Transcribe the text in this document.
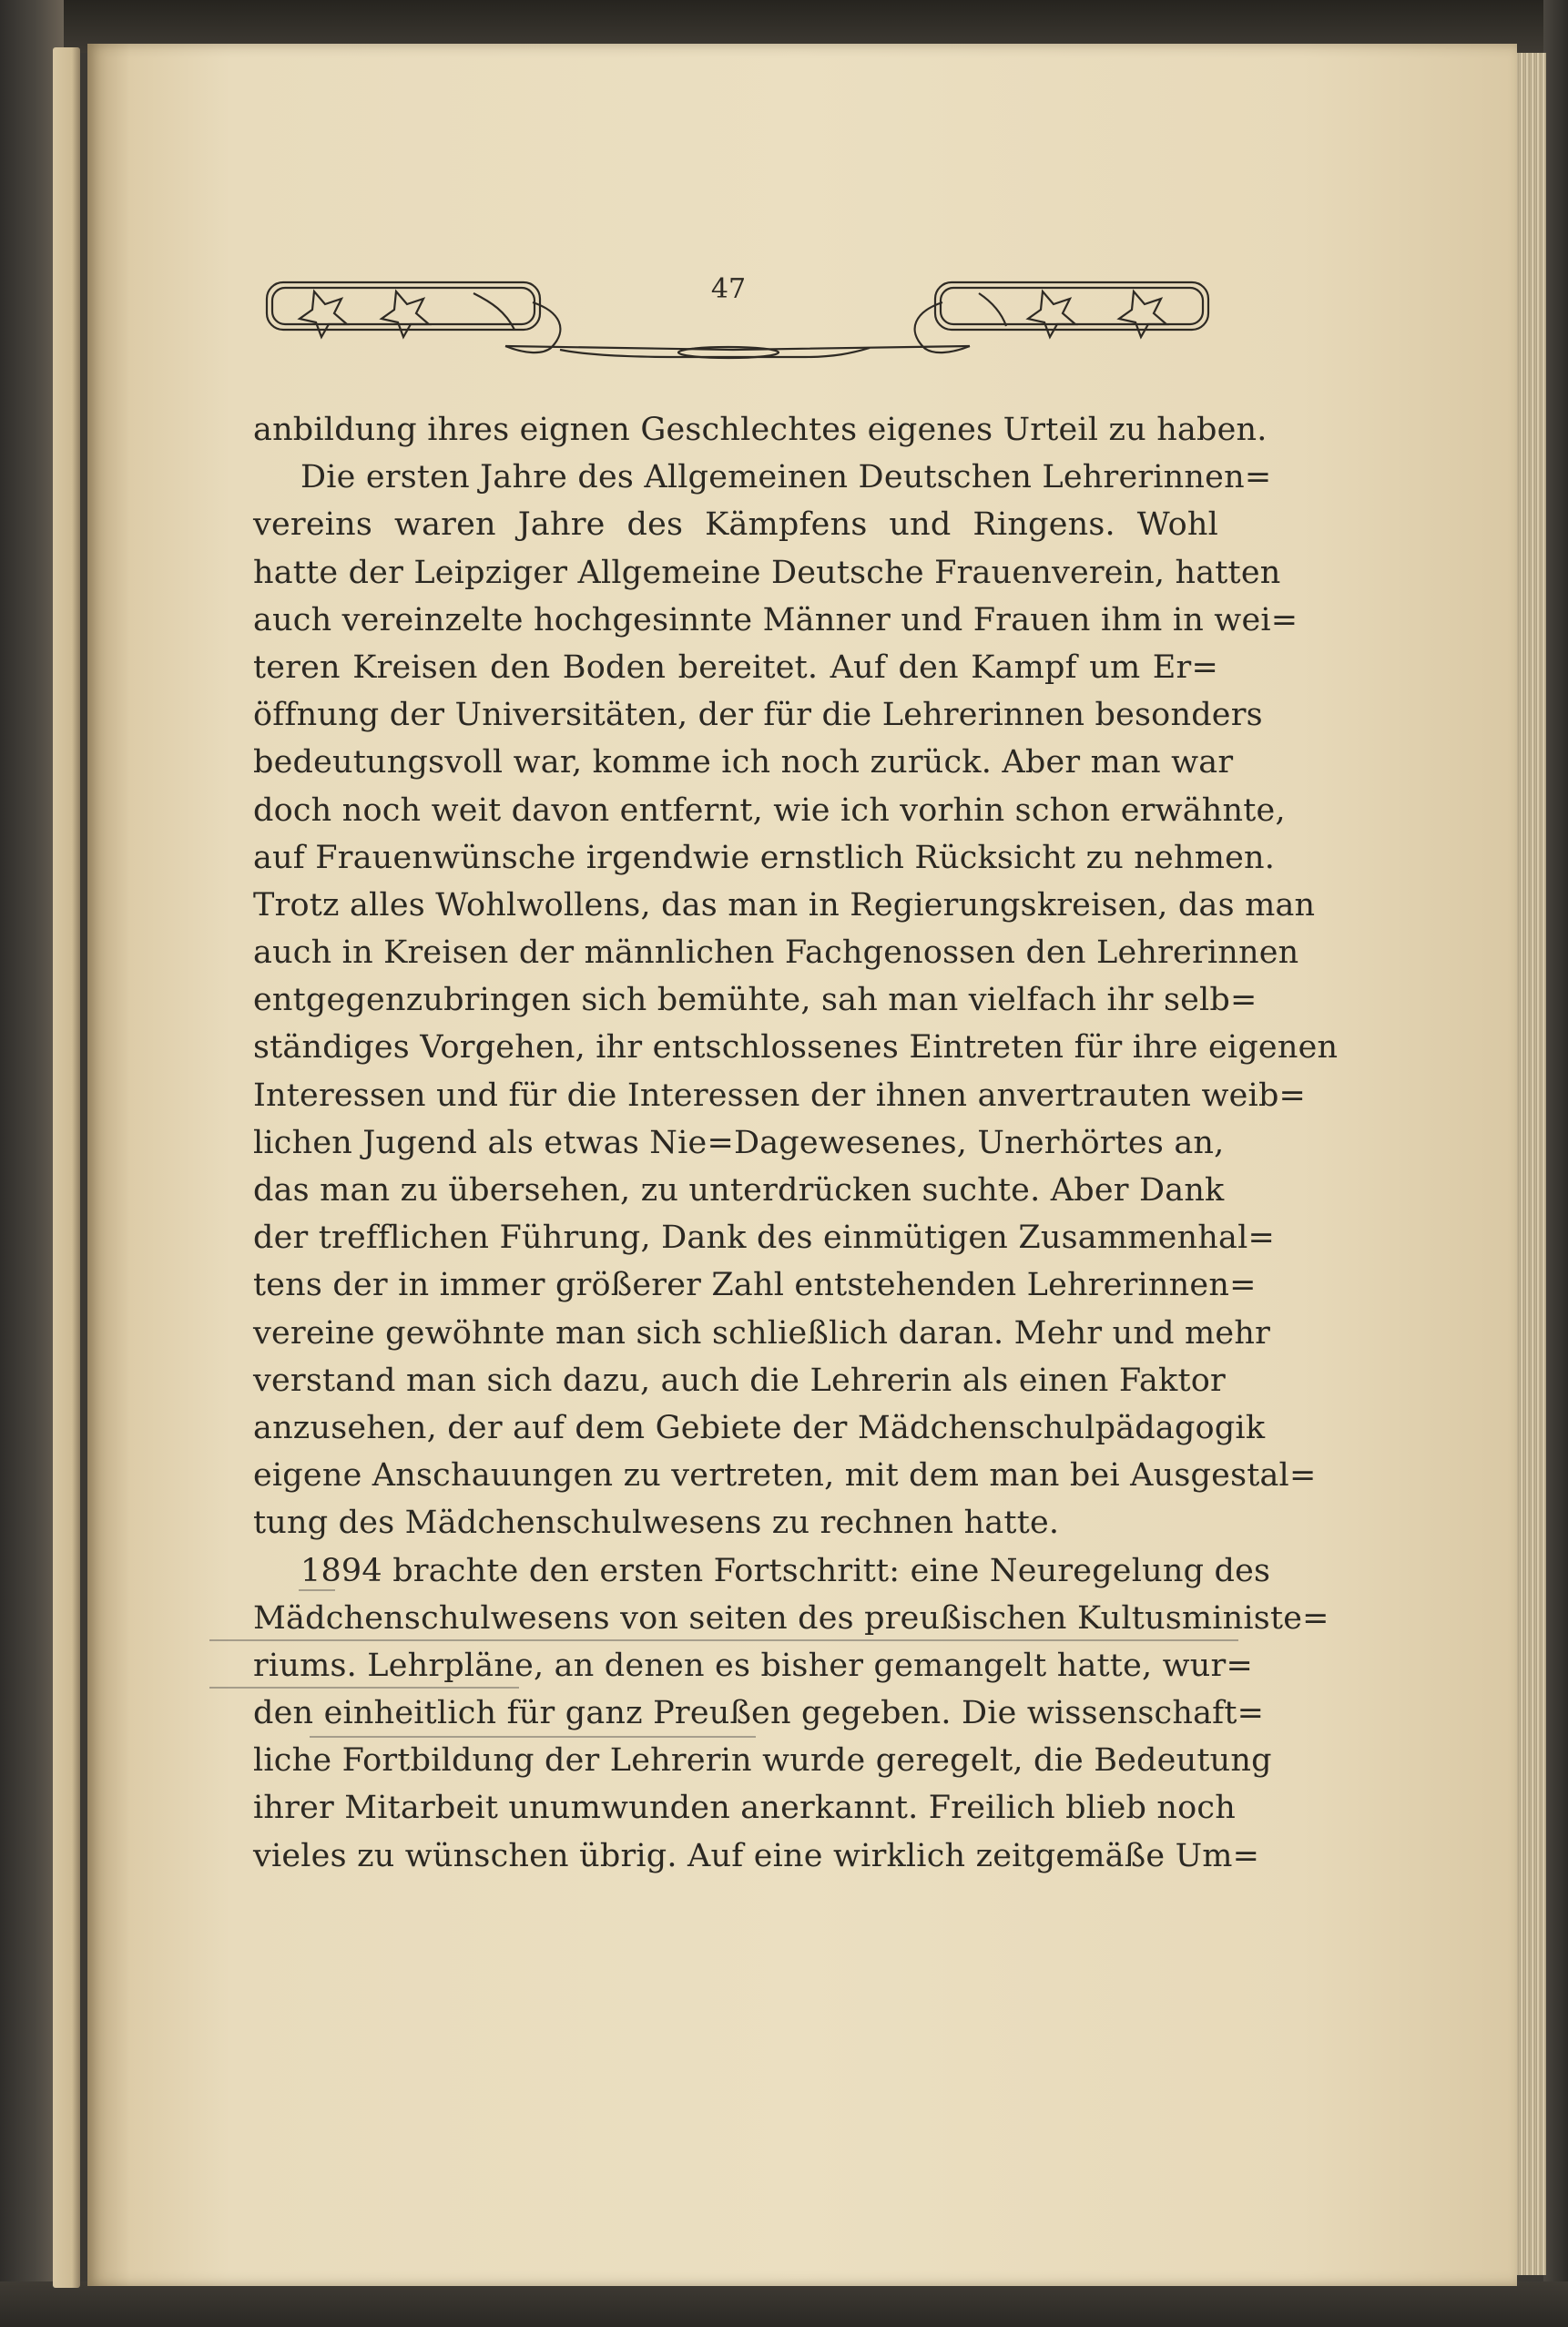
47
anbildung ihres eignen Geschlechtes eigenes Urteil zu haben.
Die ersten Jahre des Allgemeinen Deutschen Lehrerinnen=
vereins waren Jahre des Kämpfens und Ringens. Wohl
hatte der Leipziger Allgemeine Deutsche Frauenverein, hatten
auch vereinzelte hochgesinnte Männer und Frauen ihm in wei=
teren Kreisen den Boden bereitet. Auf den Kampf um Er=
öffnung der Universitäten, der für die Lehrerinnen besonders
bedeutungsvoll war, komme ich noch zurück. Aber man war
doch noch weit davon entfernt, wie ich vorhin schon erwähnte,
auf Frauenwünsche irgendwie ernstlich Rücksicht zu nehmen.
Trotz alles Wohlwollens, das man in Regierungskreisen, das man
auch in Kreisen der männlichen Fachgenossen den Lehrerinnen
entgegenzubringen sich bemühte, sah man vielfach ihr selb=
ständiges Vorgehen, ihr entschlossenes Eintreten für ihre eigenen
Interessen und für die Interessen der ihnen anvertrauten weib=
lichen Jugend als etwas Nie=Dagewesenes, Unerhörtes an,
das man zu übersehen, zu unterdrücken suchte. Aber Dank
der trefflichen Führung, Dank des einmütigen Zusammenhal=
tens der in immer größerer Zahl entstehenden Lehrerinnen=
vereine gewöhnte man sich schließlich daran. Mehr und mehr
verstand man sich dazu, auch die Lehrerin als einen Faktor
anzusehen, der auf dem Gebiete der Mädchenschulpädagogik
eigene Anschauungen zu vertreten, mit dem man bei Ausgestal=
tung des Mädchenschulwesens zu rechnen hatte.
1894 brachte den ersten Fortschritt: eine Neuregelung des
Mädchenschulwesens von seiten des preußischen Kultusministe=
riums. Lehrpläne, an denen es bisher gemangelt hatte, wur=
den einheitlich für ganz Preußen gegeben. Die wissenschaft=
liche Fortbildung der Lehrerin wurde geregelt, die Bedeutung
ihrer Mitarbeit unumwunden anerkannt. Freilich blieb noch
vieles zu wünschen übrig. Auf eine wirklich zeitgemäße Um=
